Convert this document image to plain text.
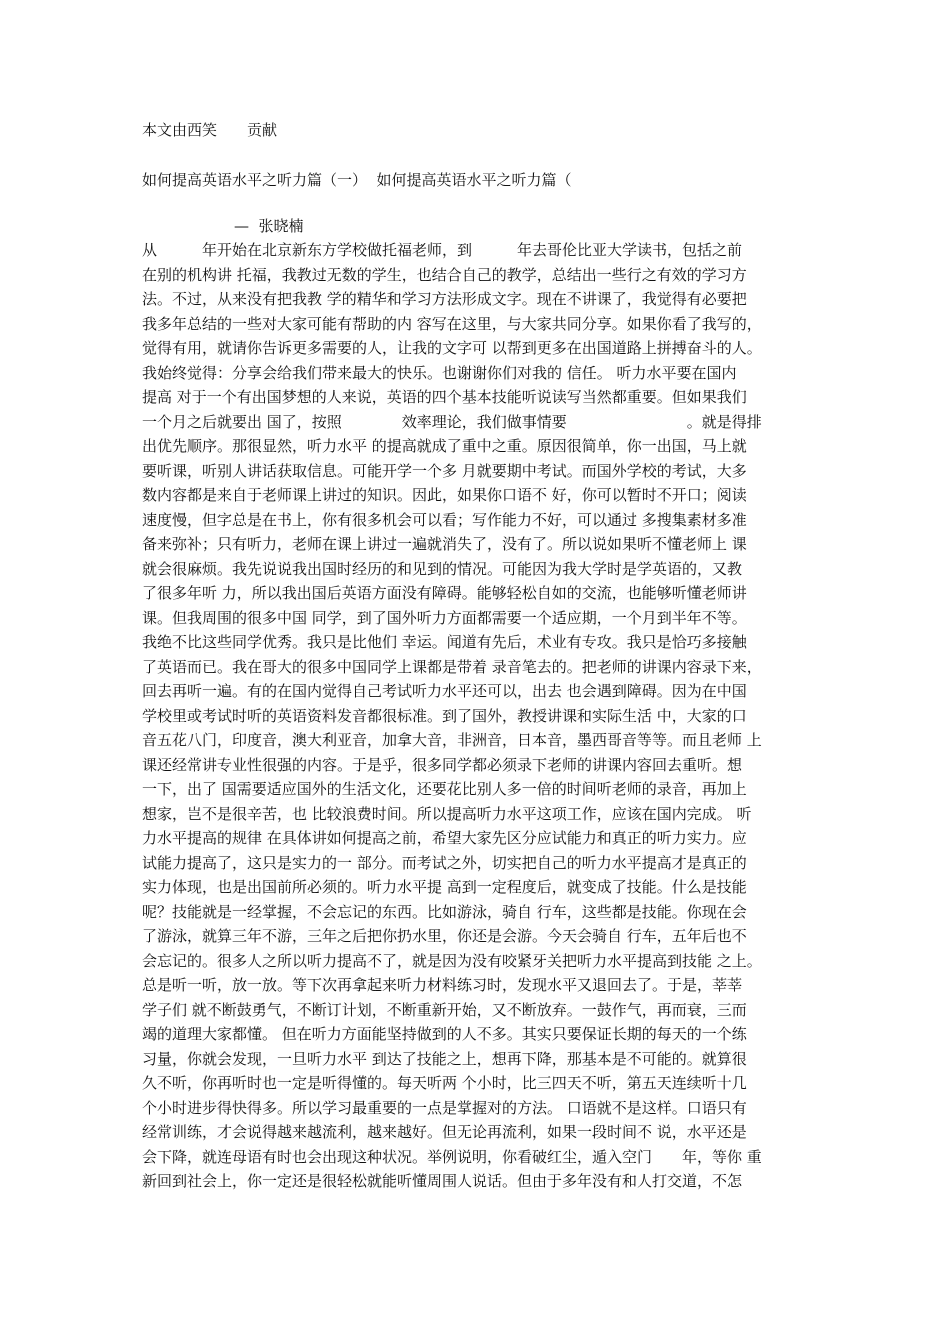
本文由西笑　　贡献
如何提高英语水平之听力篇（一）  如何提高英语水平之听力篇（
—  张晓楠
从　　　年开始在北京新东方学校做托福老师，到　　　年去哥伦比亚大学读书，包括之前
在别的机构讲 托福，我教过无数的学生，也结合自己的教学，总结出一些行之有效的学习方
法。不过，从来没有把我教 学的精华和学习方法形成文字。现在不讲课了，我觉得有必要把
我多年总结的一些对大家可能有帮助的内 容写在这里，与大家共同分享。如果你看了我写的，
觉得有用，就请你告诉更多需要的人，让我的文字可 以帮到更多在出国道路上拼搏奋斗的人。
我始终觉得：分享会给我们带来最大的快乐。也谢谢你们对我的 信任。 听力水平要在国内
提高 对于一个有出国梦想的人来说，英语的四个基本技能听说读写当然都重要。但如果我们
一个月之后就要出 国了，按照　　　　效率理论，我们做事情要　　　　　　　　。就是得排
出优先顺序。那很显然，听力水平 的提高就成了重中之重。原因很简单，你一出国，马上就
要听课，听别人讲话获取信息。可能开学一个多 月就要期中考试。而国外学校的考试，大多
数内容都是来自于老师课上讲过的知识。因此，如果你口语不 好，你可以暂时不开口；阅读
速度慢，但字总是在书上，你有很多机会可以看；写作能力不好，可以通过 多搜集素材多准
备来弥补；只有听力，老师在课上讲过一遍就消失了，没有了。所以说如果听不懂老师上 课
就会很麻烦。我先说说我出国时经历的和见到的情况。可能因为我大学时是学英语的，又教
了很多年听 力，所以我出国后英语方面没有障碍。能够轻松自如的交流，也能够听懂老师讲
课。但我周围的很多中国 同学，到了国外听力方面都需要一个适应期，一个月到半年不等。
我绝不比这些同学优秀。我只是比他们 幸运。闻道有先后，术业有专攻。我只是恰巧多接触
了英语而已。我在哥大的很多中国同学上课都是带着 录音笔去的。把老师的讲课内容录下来，
回去再听一遍。有的在国内觉得自己考试听力水平还可以，出去 也会遇到障碍。因为在中国
学校里或考试时听的英语资料发音都很标准。到了国外，教授讲课和实际生活 中，大家的口
音五花八门，印度音，澳大利亚音，加拿大音，非洲音，日本音，墨西哥音等等。而且老师 上
课还经常讲专业性很强的内容。于是乎，很多同学都必须录下老师的讲课内容回去重听。想
一下，出了 国需要适应国外的生活文化，还要花比别人多一倍的时间听老师的录音，再加上
想家，岂不是很辛苦，也 比较浪费时间。所以提高听力水平这项工作，应该在国内完成。 听
力水平提高的规律 在具体讲如何提高之前，希望大家先区分应试能力和真正的听力实力。应
试能力提高了，这只是实力的一 部分。而考试之外，切实把自己的听力水平提高才是真正的
实力体现，也是出国前所必须的。听力水平提 高到一定程度后，就变成了技能。什么是技能
呢？技能就是一经掌握，不会忘记的东西。比如游泳，骑自 行车，这些都是技能。你现在会
了游泳，就算三年不游，三年之后把你扔水里，你还是会游。今天会骑自 行车，五年后也不
会忘记的。很多人之所以听力提高不了，就是因为没有咬紧牙关把听力水平提高到技能 之上。
总是听一听，放一放。等下次再拿起来听力材料练习时，发现水平又退回去了。于是，莘莘
学子们 就不断鼓勇气，不断订计划，不断重新开始，又不断放弃。一鼓作气，再而衰，三而
竭的道理大家都懂。 但在听力方面能坚持做到的人不多。其实只要保证长期的每天的一个练
习量，你就会发现，一旦听力水平 到达了技能之上，想再下降，那基本是不可能的。就算很
久不听，你再听时也一定是听得懂的。每天听两 个小时，比三四天不听，第五天连续听十几
个小时进步得快得多。所以学习最重要的一点是掌握对的方法。 口语就不是这样。口语只有
经常训练，才会说得越来越流利，越来越好。但无论再流利，如果一段时间不 说，水平还是
会下降，就连母语有时也会出现这种状况。举例说明，你看破红尘，遁入空门　　年，等你 重
新回到社会上，你一定还是很轻松就能听懂周围人说话。但由于多年没有和人打交道，不怎
